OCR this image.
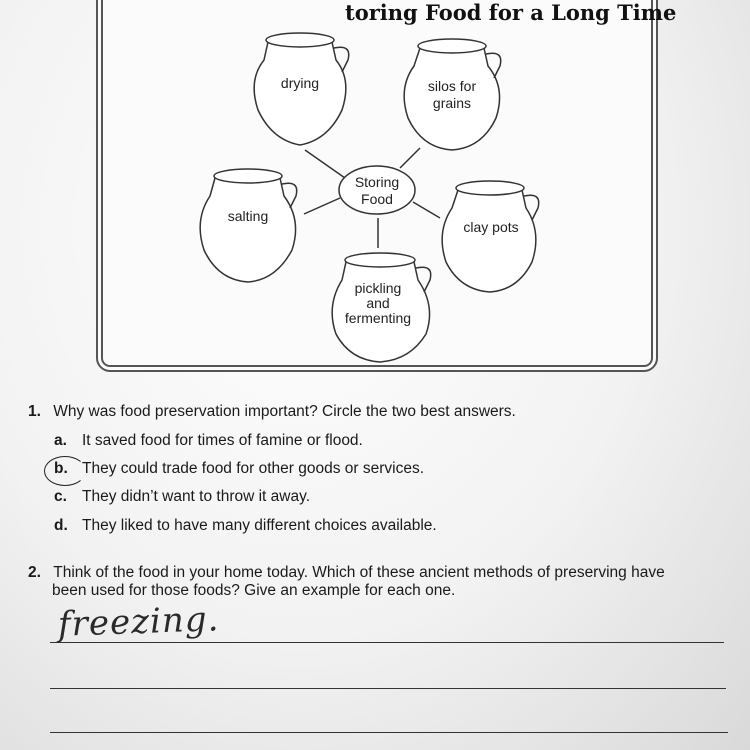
toring Food for a Long Time
Storing
Food
drying	silos for
grains
salting
clay pots
pickling
and
fermenting
1. Why was food preservation important? Circle the two best answers.
a. It saved food for times of famine or flood.
b. They could trade food for other goods or services.
c. They didn’t want to throw it away.
d. They liked to have many different choices available.
2. Think of the food in your home today. Which of these ancient methods of preserving have
been used for those foods? Give an example for each one.
freezing.
